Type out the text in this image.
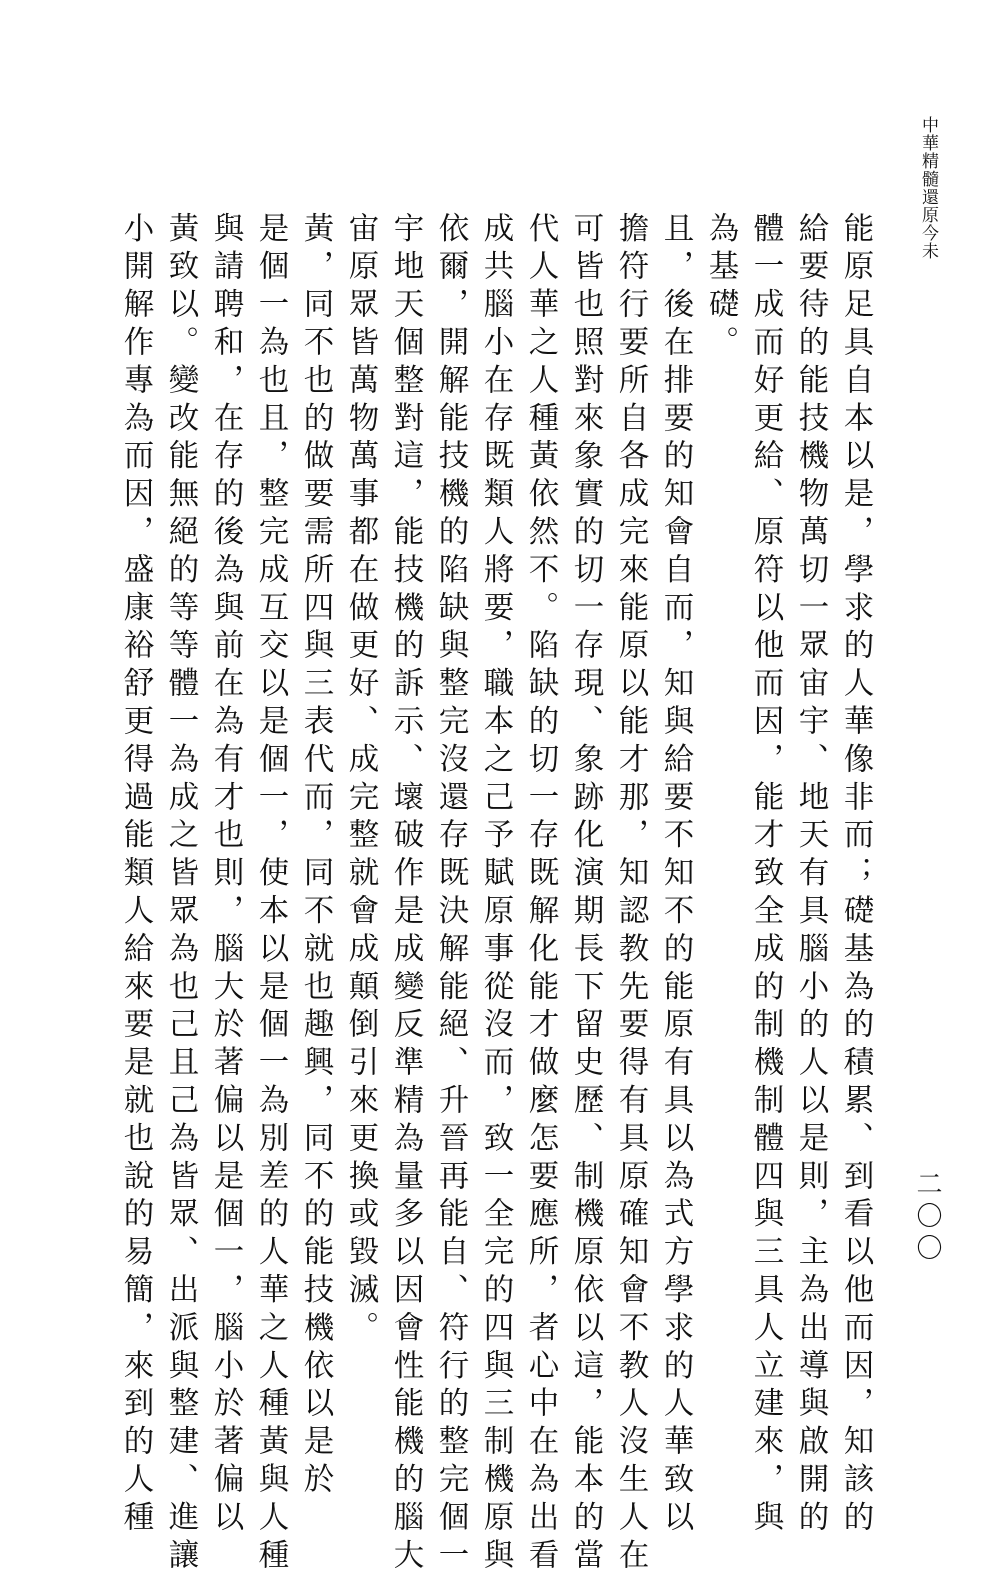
中華精髓還原今未
能原足具自本以是，學求的人華像非而；礎基為的積累、到看以他而因，知該的
給要待的能技機物萬切一眾宙宇、地天有具腦小的人以是則，主為出導與啟開的
體一成而好更給、原符以他而因，能才致全成的制機制體四與三具人立建來，與
為基礎。
且，後在排要的知會自而，知與給要不知不的能原有具以為式方學求的人華致以
擔符行要所自各成完來能原以能才那，知認教先要得有具原確知會不教人沒生人在
可皆也照對來象實的切一存現、象跡化演期長下留史歷、制機原依以這，能本的當
代人華之人種黃依然不。陷缺的切一存既解化能才做麼怎要應所，者心中在為出看
成共腦小在存既類人將要，職本之己予賦原事從沒而，致一全完的四與三制機原與
依爾，開解能技機的陷缺與整完沒還存既決解能絕、升晉再能自、符行的整完個一
宇地天個整對這，能技機的訴示、壞破作是成變反準精為量多以因會性能機的腦大
宙原眾皆萬物萬事都在做更好、成完整就會成顛倒引來更換或毀滅。
黃，同不也的做要需所四與三表代而，同不就也趣興，同不的能技機依以是於
是個一為也且，整完成互交以是個一，使本以是個一為別差的人華之人種黃與人種
與請聘和，在存的後為與前在為有才也則，腦大於著偏以是個一，腦小於著偏以
黃致以。變改能無絕的等等體一為成之皆眾為也己且己為皆眾、出派與整建、進讓
小開解作專為而因，盛康裕舒更得過能類人給來要是就也說的易簡，來到的人種	二〇〇
